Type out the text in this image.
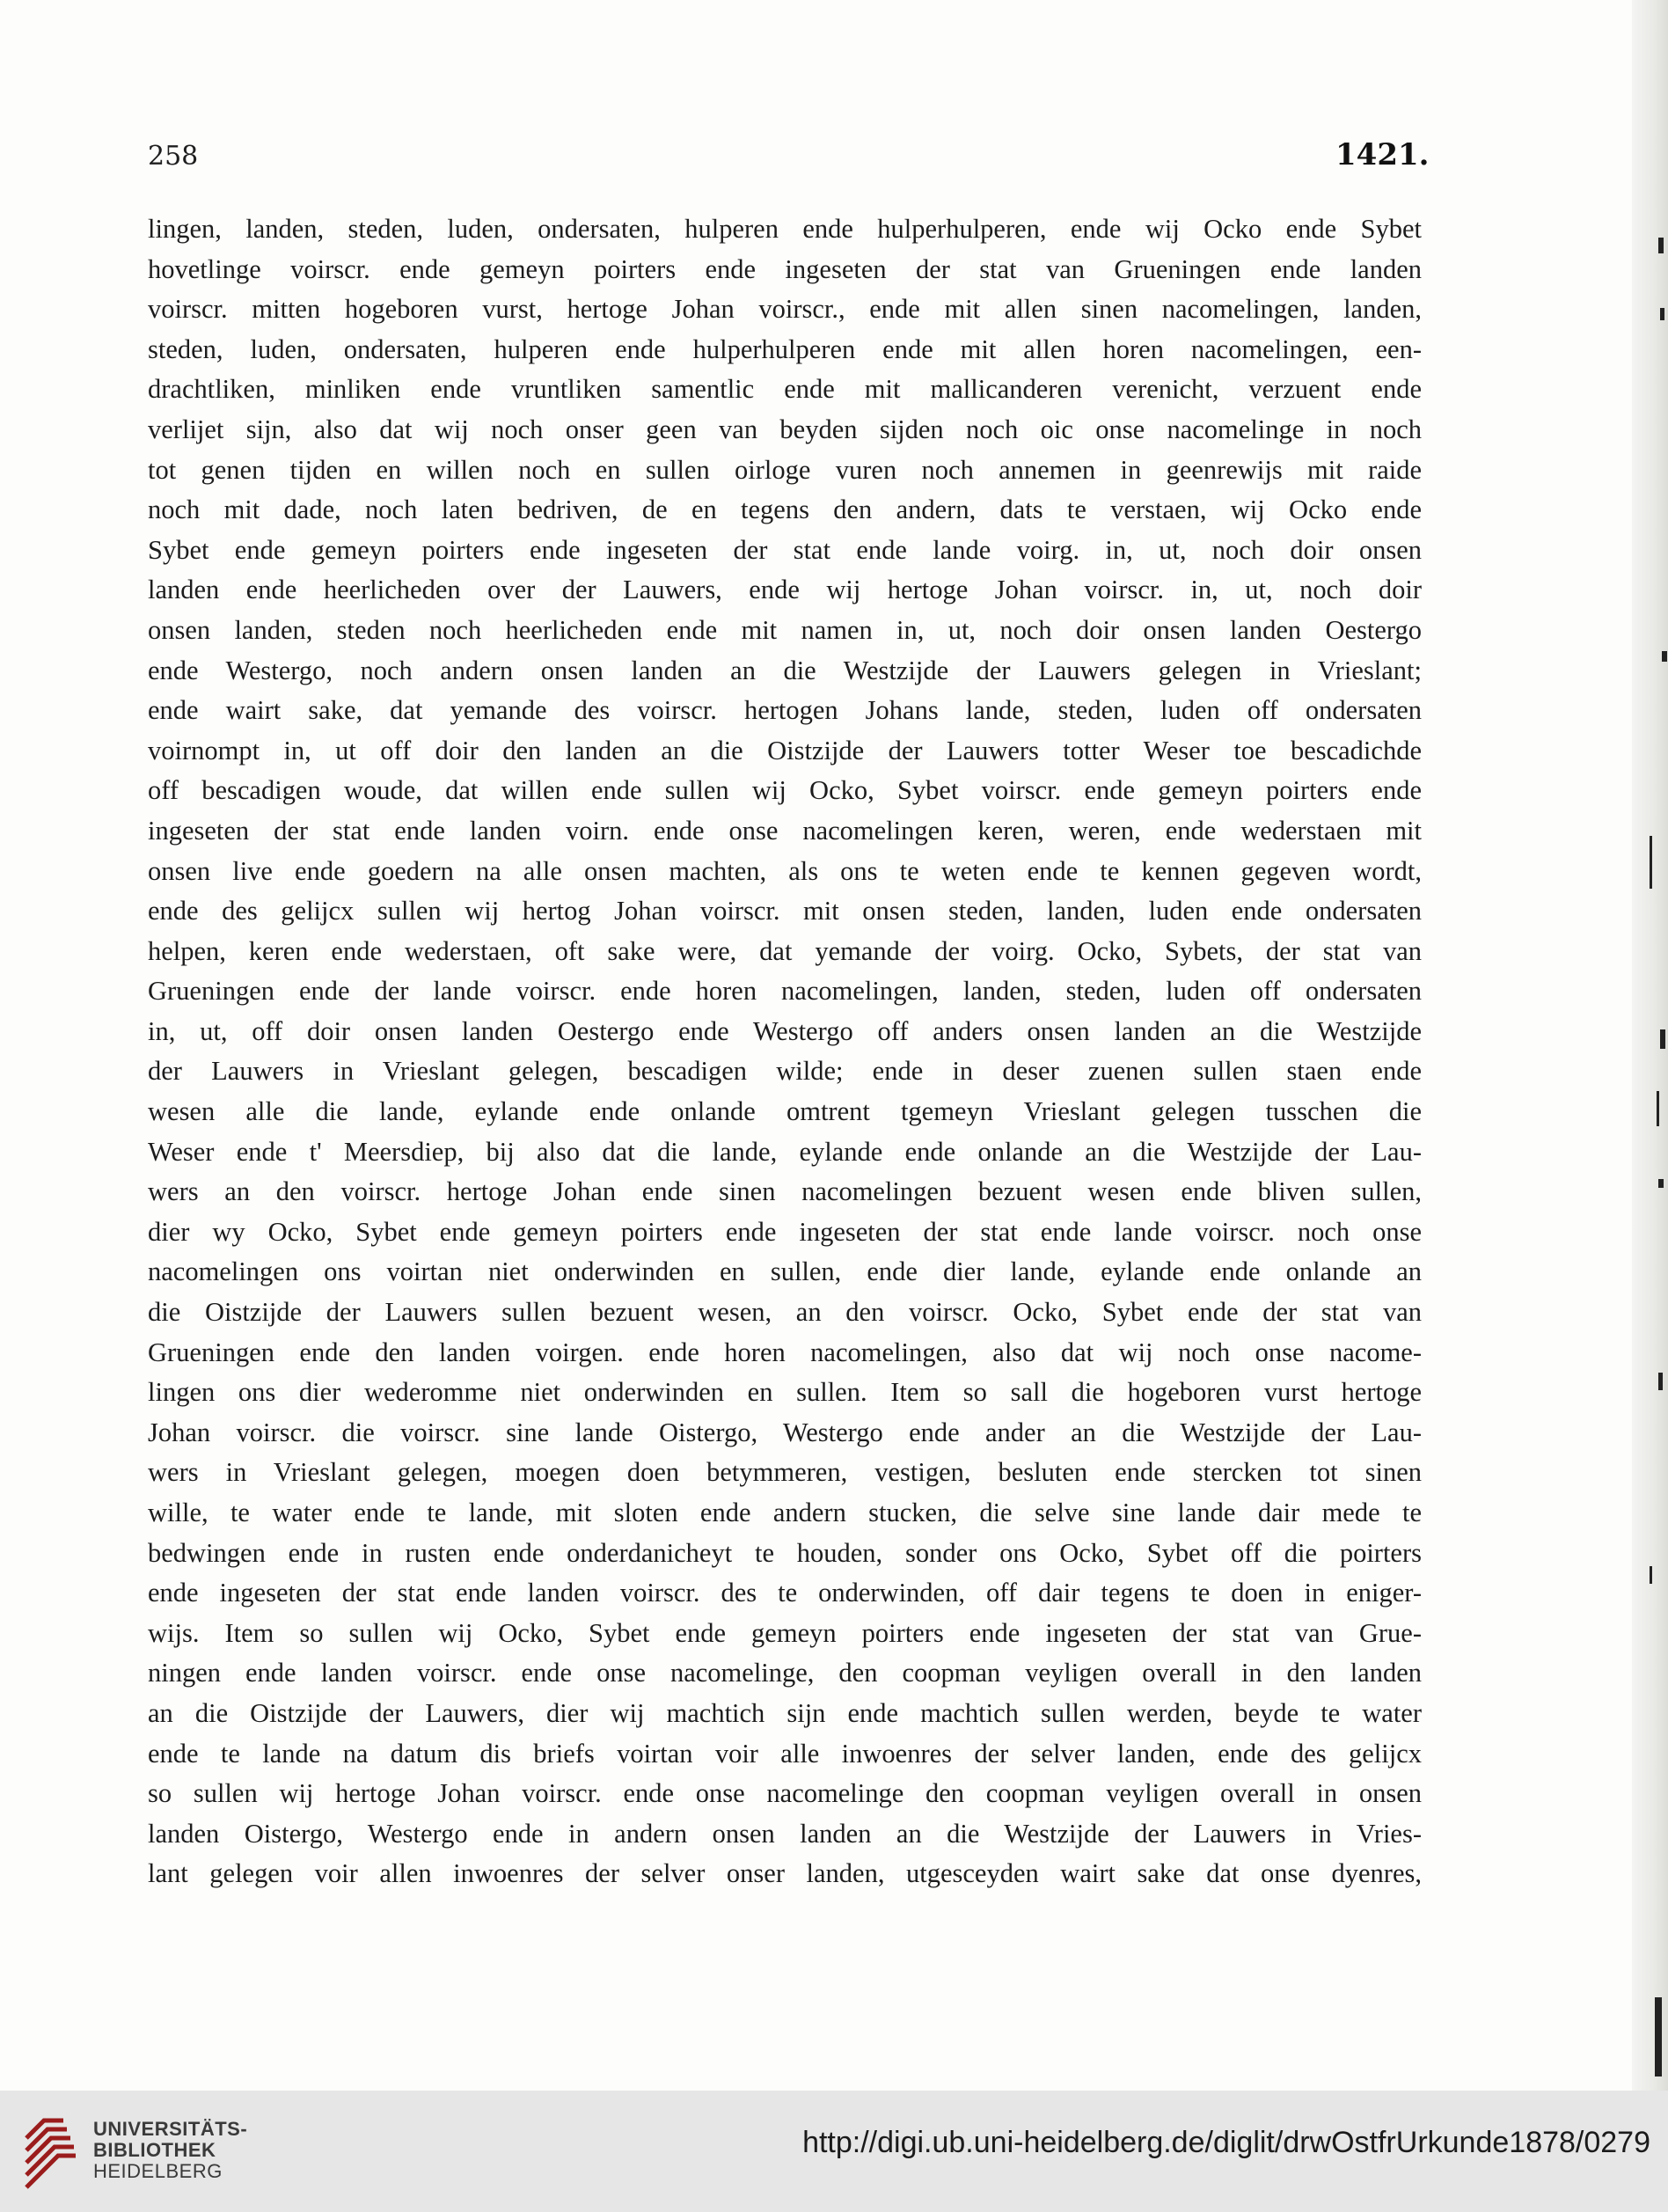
258	1421.
lingen, landen, steden, luden, ondersaten, hulperen ende hulperhulperen, ende wij Ocko ende Sybet
hovetlinge voirscr. ende gemeyn poirters ende ingeseten der stat van Grueningen ende landen
voirscr. mitten hogeboren vurst, hertoge Johan voirscr., ende mit allen sinen nacomelingen, landen,
steden, luden, ondersaten, hulperen ende hulperhulperen ende mit allen horen nacomelingen, een-
drachtliken, minliken ende vruntliken samentlic ende mit mallicanderen verenicht, verzuent ende
verlijet sijn, also dat wij noch onser geen van beyden sijden noch oic onse nacomelinge in noch
tot genen tijden en willen noch en sullen oirloge vuren noch annemen in geenrewijs mit raide
noch mit dade, noch laten bedriven, de en tegens den andern, dats te verstaen, wij Ocko ende
Sybet ende gemeyn poirters ende ingeseten der stat ende lande voirg. in, ut, noch doir onsen
landen ende heerlicheden over der Lauwers, ende wij hertoge Johan voirscr. in, ut, noch doir
onsen landen, steden noch heerlicheden ende mit namen in, ut, noch doir onsen landen Oestergo
ende Westergo, noch andern onsen landen an die Westzijde der Lauwers gelegen in Vrieslant;
ende wairt sake, dat yemande des voirscr. hertogen Johans lande, steden, luden off ondersaten
voirnompt in, ut off doir den landen an die Oistzijde der Lauwers totter Weser toe bescadichde
off bescadigen woude, dat willen ende sullen wij Ocko, Sybet voirscr. ende gemeyn poirters ende
ingeseten der stat ende landen voirn. ende onse nacomelingen keren, weren, ende wederstaen mit
onsen live ende goedern na alle onsen machten, als ons te weten ende te kennen gegeven wordt,
ende des gelijcx sullen wij hertog Johan voirscr. mit onsen steden, landen, luden ende ondersaten
helpen, keren ende wederstaen, oft sake were, dat yemande der voirg. Ocko, Sybets, der stat van
Grueningen ende der lande voirscr. ende horen nacomelingen, landen, steden, luden off ondersaten
in, ut, off doir onsen landen Oestergo ende Westergo off anders onsen landen an die Westzijde
der Lauwers in Vrieslant gelegen, bescadigen wilde; ende in deser zuenen sullen staen ende
wesen alle die lande, eylande ende onlande omtrent tgemeyn Vrieslant gelegen tusschen die
Weser ende t' Meersdiep, bij also dat die lande, eylande ende onlande an die Westzijde der Lau-
wers an den voirscr. hertoge Johan ende sinen nacomelingen bezuent wesen ende bliven sullen,
dier wy Ocko, Sybet ende gemeyn poirters ende ingeseten der stat ende lande voirscr. noch onse
nacomelingen ons voirtan niet onderwinden en sullen, ende dier lande, eylande ende onlande an
die Oistzijde der Lauwers sullen bezuent wesen, an den voirscr. Ocko, Sybet ende der stat van
Grueningen ende den landen voirgen. ende horen nacomelingen, also dat wij noch onse nacome-
lingen ons dier wederomme niet onderwinden en sullen. Item so sall die hogeboren vurst hertoge
Johan voirscr. die voirscr. sine lande Oistergo, Westergo ende ander an die Westzijde der Lau-
wers in Vrieslant gelegen, moegen doen betymmeren, vestigen, besluten ende stercken tot sinen
wille, te water ende te lande, mit sloten ende andern stucken, die selve sine lande dair mede te
bedwingen ende in rusten ende onderdanicheyt te houden, sonder ons Ocko, Sybet off die poirters
ende ingeseten der stat ende landen voirscr. des te onderwinden, off dair tegens te doen in eniger-
wijs. Item so sullen wij Ocko, Sybet ende gemeyn poirters ende ingeseten der stat van Grue-
ningen ende landen voirscr. ende onse nacomelinge, den coopman veyligen overall in den landen
an die Oistzijde der Lauwers, dier wij machtich sijn ende machtich sullen werden, beyde te water
ende te lande na datum dis briefs voirtan voir alle inwoenres der selver landen, ende des gelijcx
so sullen wij hertoge Johan voirscr. ende onse nacomelinge den coopman veyligen overall in onsen
landen Oistergo, Westergo ende in andern onsen landen an die Westzijde der Lauwers in Vries-
lant gelegen voir allen inwoenres der selver onser landen, utgesceyden wairt sake dat onse dyenres,
UNIVERSITÄTS-
BIBLIOTHEK
HEIDELBERG
http://digi.ub.uni-heidelberg.de/diglit/drwOstfrUrkunde1878/0279
